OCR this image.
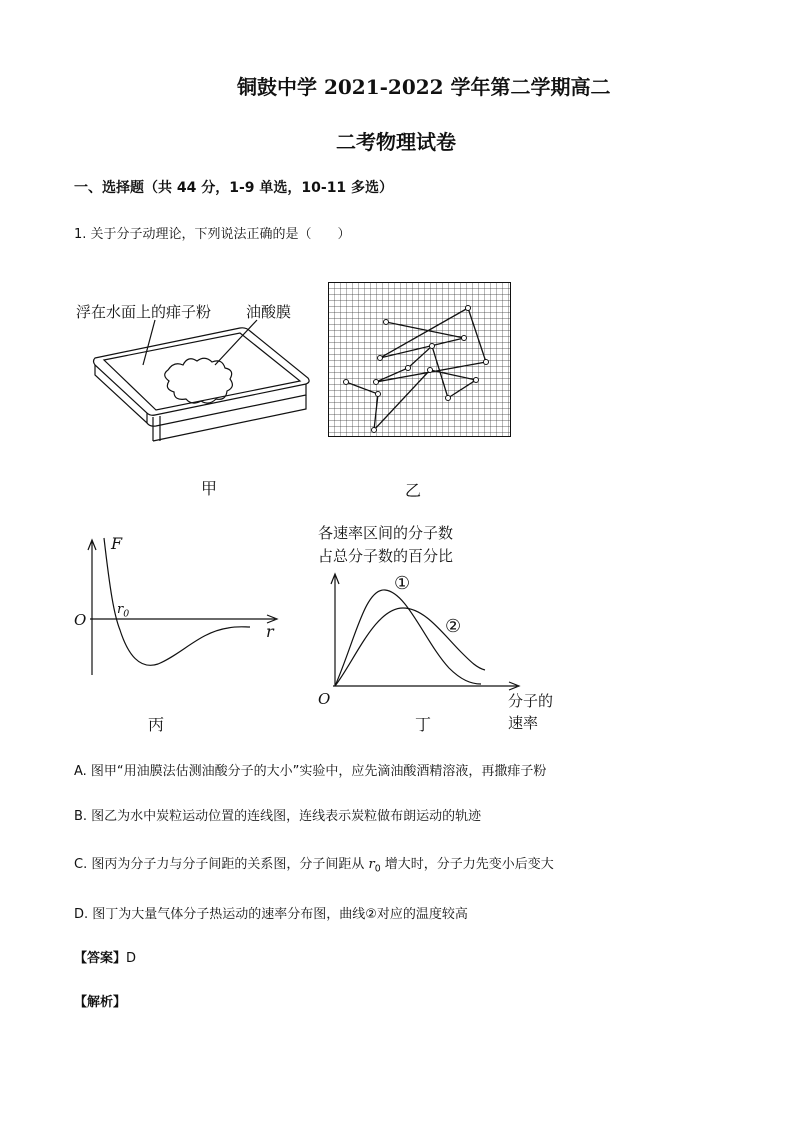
铜鼓中学 2021-2022 学年第二学期高二
二考物理试卷
一、选择题（共 44 分，1-9 单选，10-11 多选）
1. 关于分子动理论，下列说法正确的是（　　）
浮在水面上的痱子粉 油酸膜
甲	乙
F
O
$r_0$
r
丙
各速率区间的分子数
占总分子数的百分比
①
②
O	分子的
速率
丁
A. 图甲“用油膜法估测油酸分子的大小”实验中，应先滴油酸酒精溶液，再撒痱子粉
B. 图乙为水中炭粒运动位置的连线图，连线表示炭粒做布朗运动的轨迹
C. 图丙为分子力与分子间距的关系图，分子间距从 $r_0$ 增大时，分子力先变小后变大
D. 图丁为大量气体分子热运动的速率分布图，曲线②对应的温度较高
【答案】D
【解析】
